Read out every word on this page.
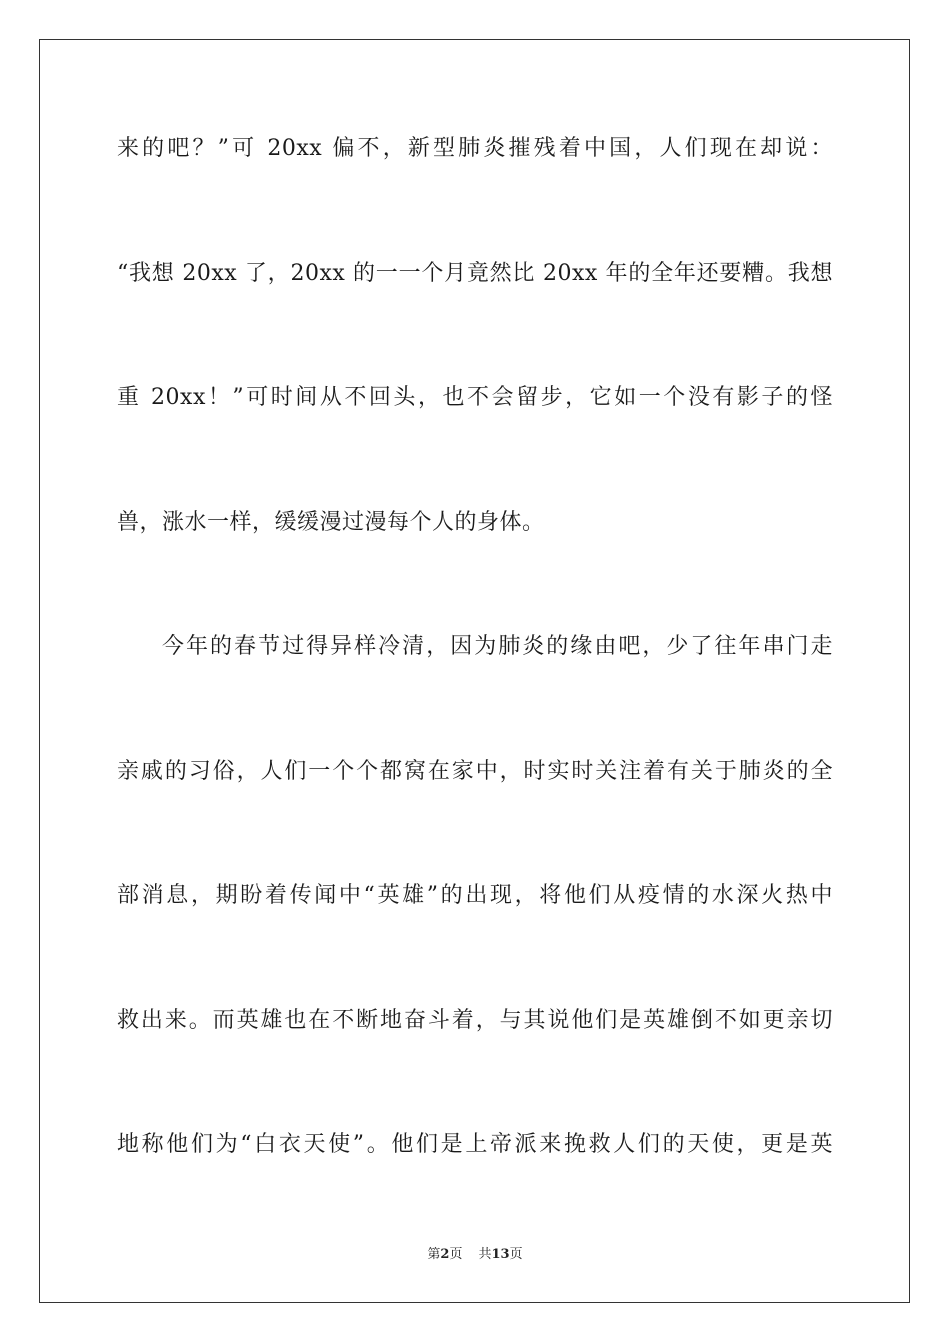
来的吧？”可 20xx 偏不，新型肺炎摧残着中国，人们现在却说：
“我想 20xx 了，20xx 的一一个月竟然比 20xx 年的全年还要糟。我想
重 20xx！”可时间从不回头，也不会留步，它如一个没有影子的怪
兽，涨水一样，缓缓漫过漫每个人的身体。
今年的春节过得异样冷清，因为肺炎的缘由吧，少了往年串门走
亲戚的习俗，人们一个个都窝在家中，时实时关注着有关于肺炎的全
部消息，期盼着传闻中“英雄”的出现，将他们从疫情的水深火热中
救出来。而英雄也在不断地奋斗着，与其说他们是英雄倒不如更亲切
地称他们为“白衣天使”。他们是上帝派来挽救人们的天使，更是英
第2页 共13页
